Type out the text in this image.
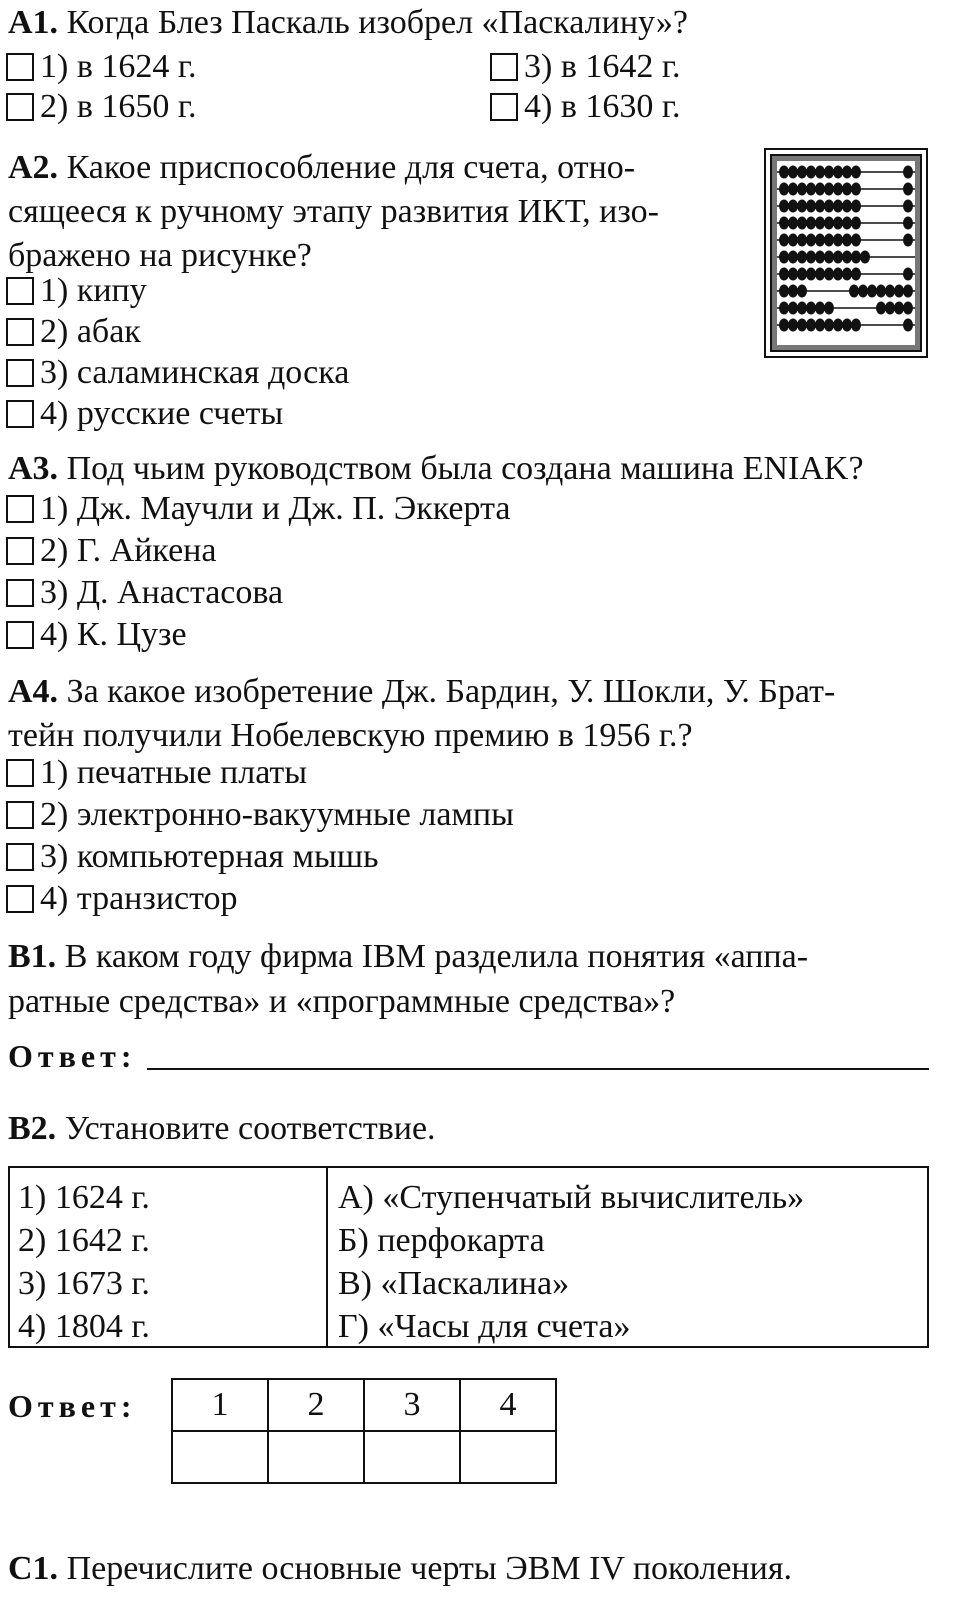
A1. Когда Блез Паскаль изобрел «Паскалину»?
1) в 1624 г.
2) в 1650 г.
3) в 1642 г.
4) в 1630 г.
A2. Какое приспособление для счета, отно-
сящееся к ручному этапу развития ИКТ, изо-
бражено на рисунке?
1) кипу
2) абак
3) саламинская доска
4) русские счеты
A3. Под чьим руководством была создана машина ENIAK?
1) Дж. Маучли и Дж. П. Эккерта
2) Г. Айкена
3) Д. Анастасова
4) К. Цузе
A4. За какое изобретение Дж. Бардин, У. Шокли, У. Брат-
тейн получили Нобелевскую премию в 1956 г.?
1) печатные платы
2) электронно-вакуумные лампы
3) компьютерная мышь
4) транзистор
B1. В каком году фирма IBM разделила понятия «аппа-
ратные средства» и «программные средства»?
Ответ:
B2. Установите соответствие.
1) 1624 г.
2) 1642 г.
3) 1673 г.
4) 1804 г.
А) «Ступенчатый вычислитель»
Б) перфокарта
В) «Паскалина»
Г) «Часы для счета»
Ответ: 1	2	3	4

C1. Перечислите основные черты ЭВМ IV поколения.
